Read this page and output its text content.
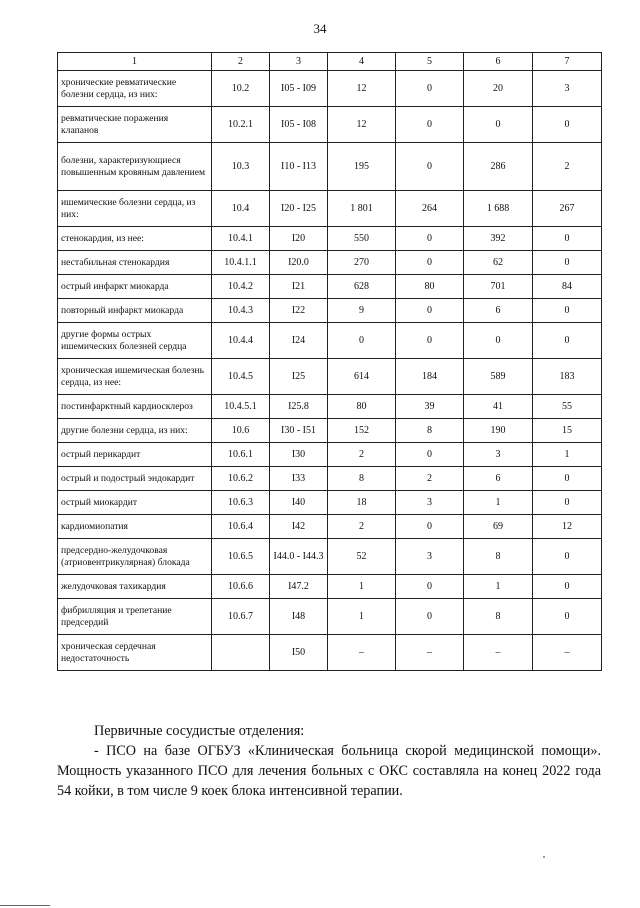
34
1	2	3	4	5	6	7
хронические ревматические болезни сердца, из них:	10.2	I05 - I09	12	0	20	3
ревматические поражения клапанов	10.2.1	I05 - I08	12	0	0	0
болезни, характеризующиеся повышенным кровяным давлением	10.3	I10 - I13	195	0	286	2
ишемические болезни сердца, из них:	10.4	I20 - I25	1 801	264	1 688	267
стенокардия, из нее:	10.4.1	I20	550	0	392	0
нестабильная стенокардия	10.4.1.1	I20.0	270	0	62	0
острый инфаркт миокарда	10.4.2	I21	628	80	701	84
повторный инфаркт миокарда	10.4.3	I22	9	0	6	0
другие формы острых ишемических болезней сердца	10.4.4	I24	0	0	0	0
хроническая ишемическая болезнь сердца, из нее:	10.4.5	I25	614	184	589	183
постинфарктный кардиосклероз	10.4.5.1	I25.8	80	39	41	55
другие болезни сердца, из них:	10.6	I30 - I51	152	8	190	15
острый перикардит	10.6.1	I30	2	0	3	1
острый и подострый эндокардит	10.6.2	I33	8	2	6	0
острый миокардит	10.6.3	I40	18	3	1	0
кардиомиопатия	10.6.4	I42	2	0	69	12
предсердно-желудочковая (атриовентрикулярная) блокада	10.6.5	I44.0 - I44.3	52	3	8	0
желудочковая тахикардия	10.6.6	I47.2	1	0	1	0
фибрилляция и трепетание предсердий	10.6.7	I48	1	0	8	0
хроническая сердечная недостаточность		I50	–	–	–	–
Первичные сосудистые отделения:
- ПСО на базе ОГБУЗ «Клиническая больница скорой медицинской помощи». Мощность указанного ПСО для лечения больных с ОКС составляла на конец 2022 года 54 койки, в том числе 9 коек блока интенсивной терапии.
